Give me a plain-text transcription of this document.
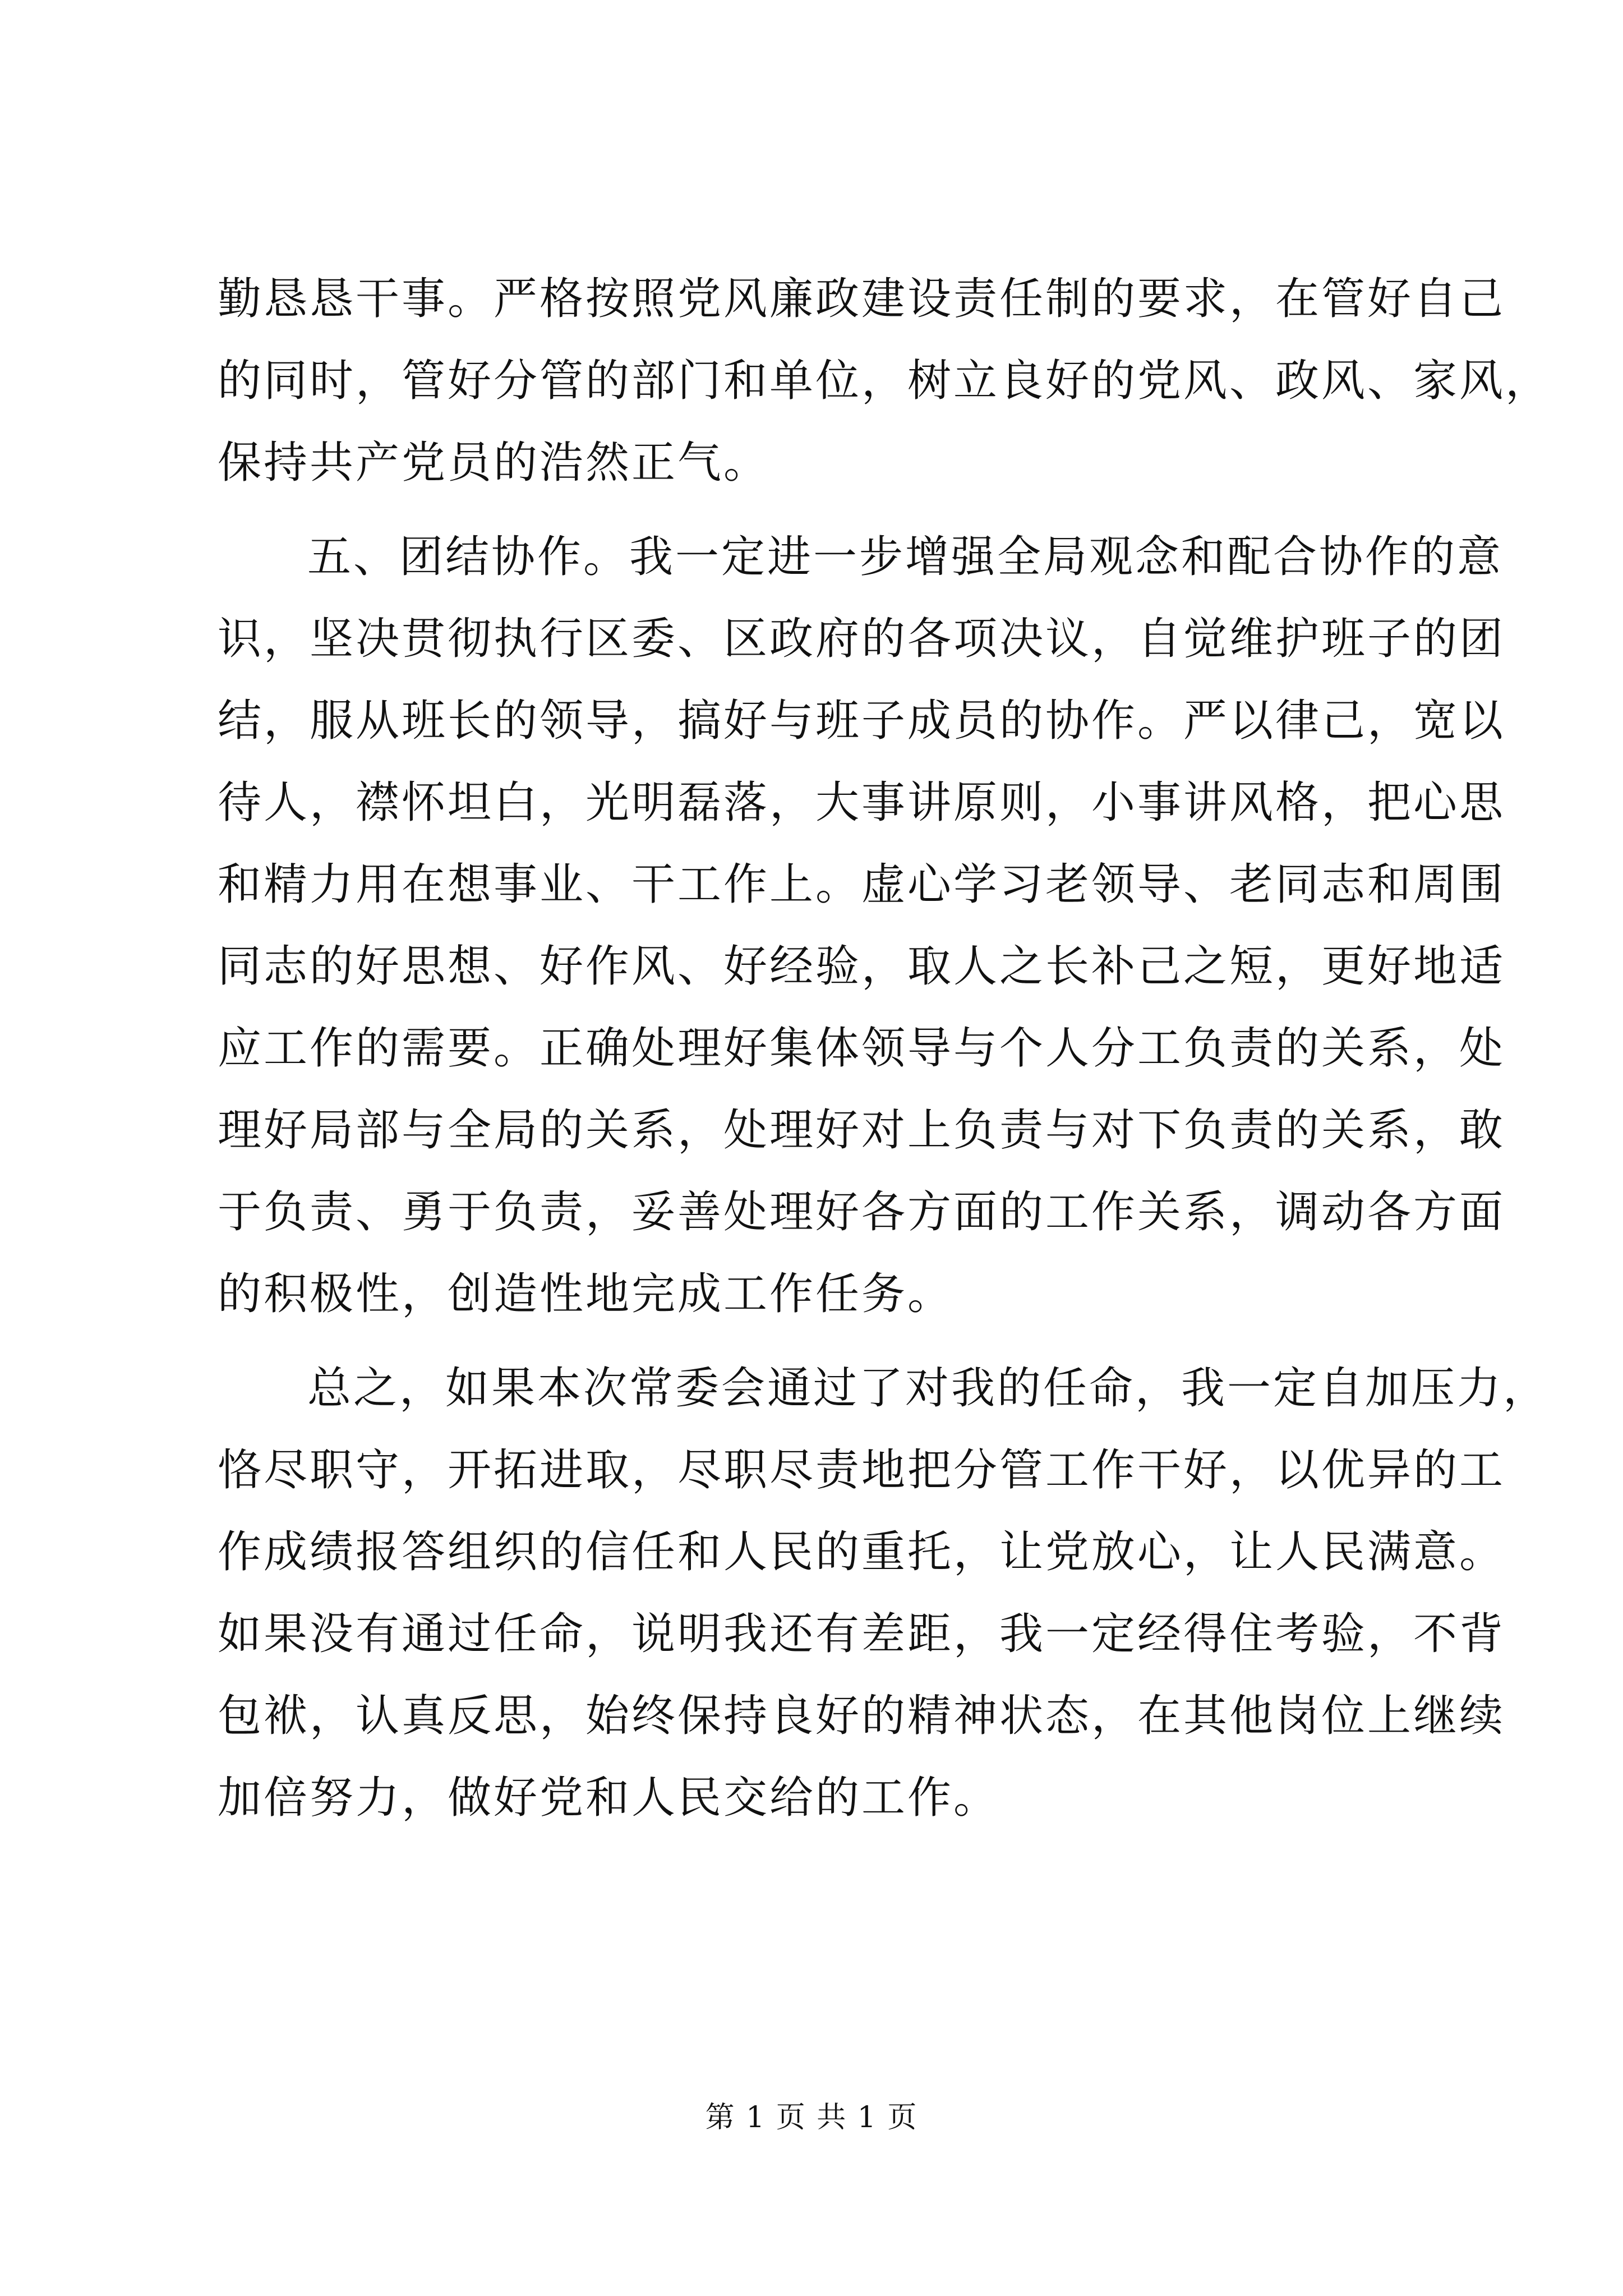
勤恳恳干事。严格按照党风廉政建设责任制的要求，在管好自己
的同时，管好分管的部门和单位，树立良好的党风、政风、家风，
保持共产党员的浩然正气。
五、团结协作。我一定进一步增强全局观念和配合协作的意
识，坚决贯彻执行区委、区政府的各项决议，自觉维护班子的团
结，服从班长的领导，搞好与班子成员的协作。严以律己，宽以
待人，襟怀坦白，光明磊落，大事讲原则，小事讲风格，把心思
和精力用在想事业、干工作上。虚心学习老领导、老同志和周围
同志的好思想、好作风、好经验，取人之长补己之短，更好地适
应工作的需要。正确处理好集体领导与个人分工负责的关系，处
理好局部与全局的关系，处理好对上负责与对下负责的关系，敢
于负责、勇于负责，妥善处理好各方面的工作关系，调动各方面
的积极性，创造性地完成工作任务。
总之，如果本次常委会通过了对我的任命，我一定自加压力，
恪尽职守，开拓进取，尽职尽责地把分管工作干好，以优异的工
作成绩报答组织的信任和人民的重托，让党放心，让人民满意。
如果没有通过任命，说明我还有差距，我一定经得住考验，不背
包袱，认真反思，始终保持良好的精神状态，在其他岗位上继续
加倍努力，做好党和人民交给的工作。
第 1 页 共 1 页
